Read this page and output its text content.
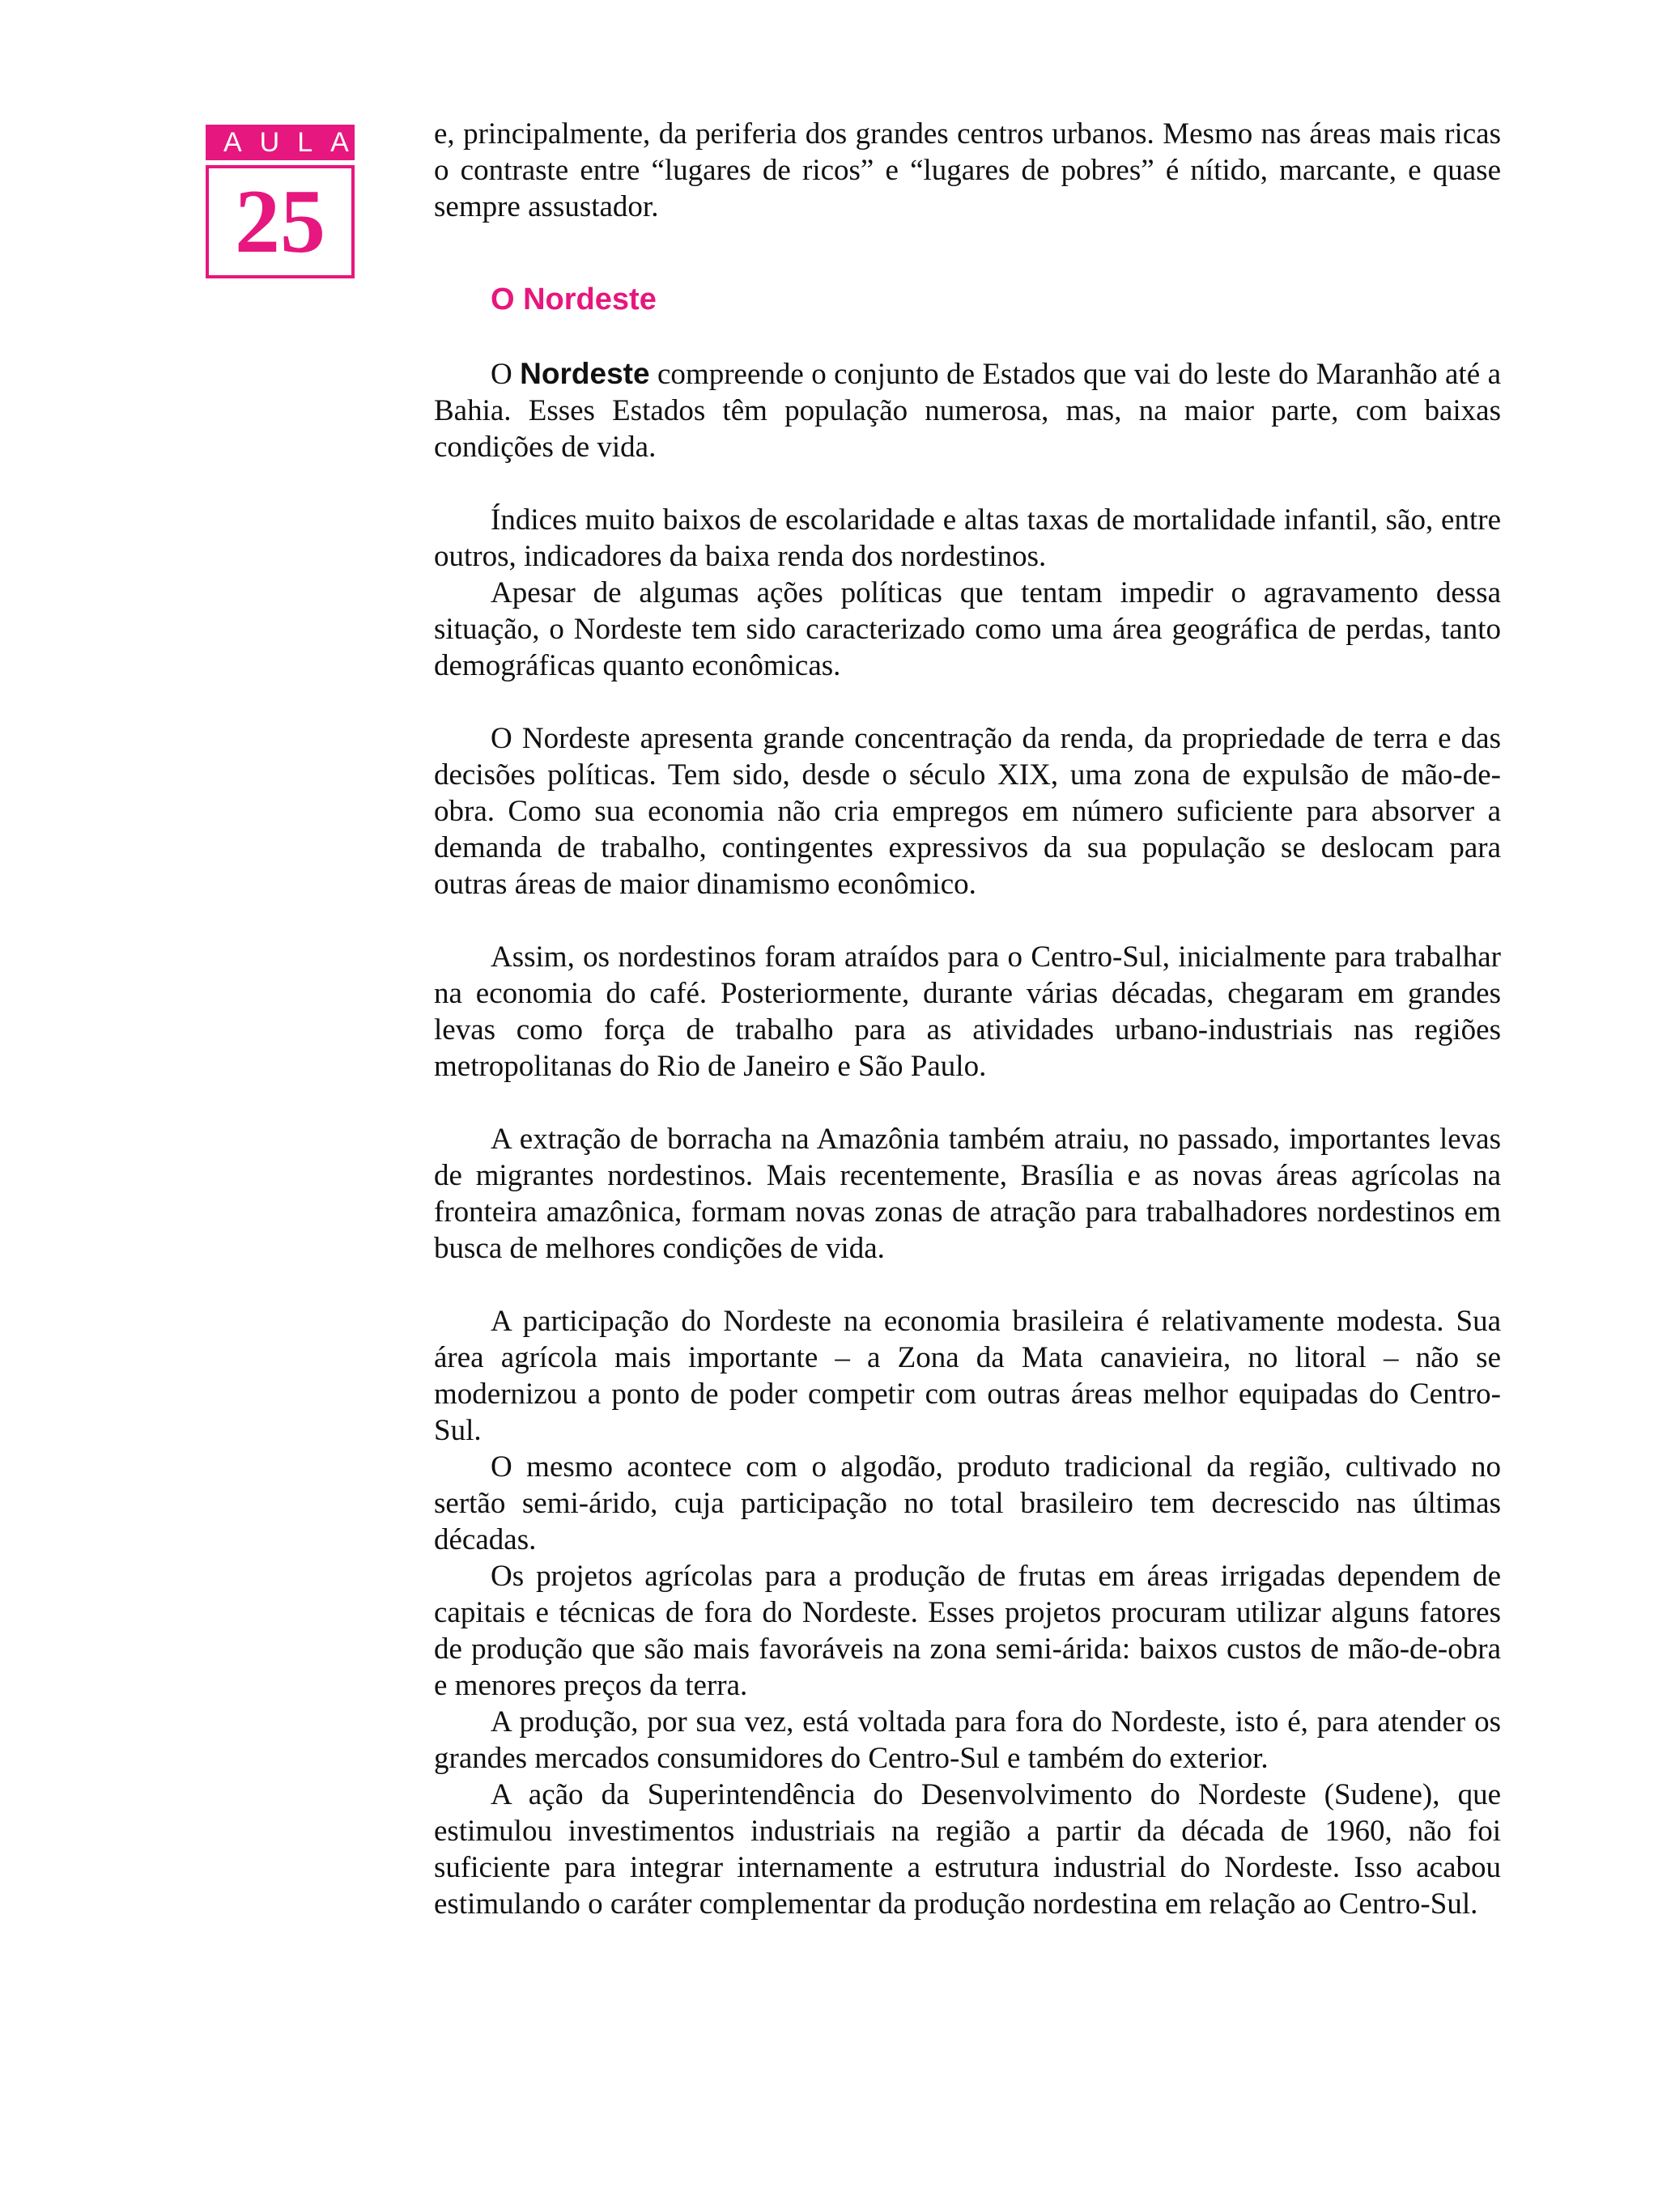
AULA
25

e, principalmente, da periferia dos grandes centros urbanos. Mesmo nas áreas mais ricas o contraste entre “lugares de ricos” e “lugares de pobres” é nítido, marcante, e quase sempre assustador.

O Nordeste

O Nordeste compreende o conjunto de Estados que vai do leste do Maranhão até a Bahia. Esses Estados têm população numerosa, mas, na maior parte, com baixas condições de vida.

Índices muito baixos de escolaridade e altas taxas de mortalidade infantil, são, entre outros, indicadores da baixa renda dos nordestinos.

Apesar de algumas ações políticas que tentam impedir o agravamento dessa situação, o Nordeste tem sido caracterizado como uma área geográfica de perdas, tanto demográficas quanto econômicas.

O Nordeste apresenta grande concentração da renda, da propriedade de terra e das decisões políticas. Tem sido, desde o século XIX, uma zona de expulsão de mão-de-obra. Como sua economia não cria empregos em número suficiente para absorver a demanda de trabalho, contingentes expressivos da sua população se deslocam para outras áreas de maior dinamismo econômico.

Assim, os nordestinos foram atraídos para o Centro-Sul, inicialmente para trabalhar na economia do café. Posteriormente, durante várias décadas, chegaram em grandes levas como força de trabalho para as atividades urbano-industriais nas regiões metropolitanas do Rio de Janeiro e São Paulo.

A extração de borracha na Amazônia também atraiu, no passado, importantes levas de migrantes nordestinos. Mais recentemente, Brasília e as novas áreas agrícolas na fronteira amazônica, formam novas zonas de atração para trabalhadores nordestinos em busca de melhores condições de vida.

A participação do Nordeste na economia brasileira é relativamente modesta. Sua área agrícola mais importante – a Zona da Mata canavieira, no litoral – não se modernizou a ponto de poder competir com outras áreas melhor equipadas do Centro-Sul.

O mesmo acontece com o algodão, produto tradicional da região, cultivado no sertão semi-árido, cuja participação no total brasileiro tem decrescido nas últimas décadas.

Os projetos agrícolas para a produção de frutas em áreas irrigadas dependem de capitais e técnicas de fora do Nordeste. Esses projetos procuram utilizar alguns fatores de produção que são mais favoráveis na zona semi-árida: baixos custos de mão-de-obra e menores preços da terra.

A produção, por sua vez, está voltada para fora do Nordeste, isto é, para atender os grandes mercados consumidores do Centro-Sul e também do exterior.

A ação da Superintendência do Desenvolvimento do Nordeste (Sudene), que estimulou investimentos industriais na região a partir da década de 1960, não foi suficiente para integrar internamente a estrutura industrial do Nordeste. Isso acabou estimulando o caráter complementar da produção nordestina em relação ao Centro-Sul.
